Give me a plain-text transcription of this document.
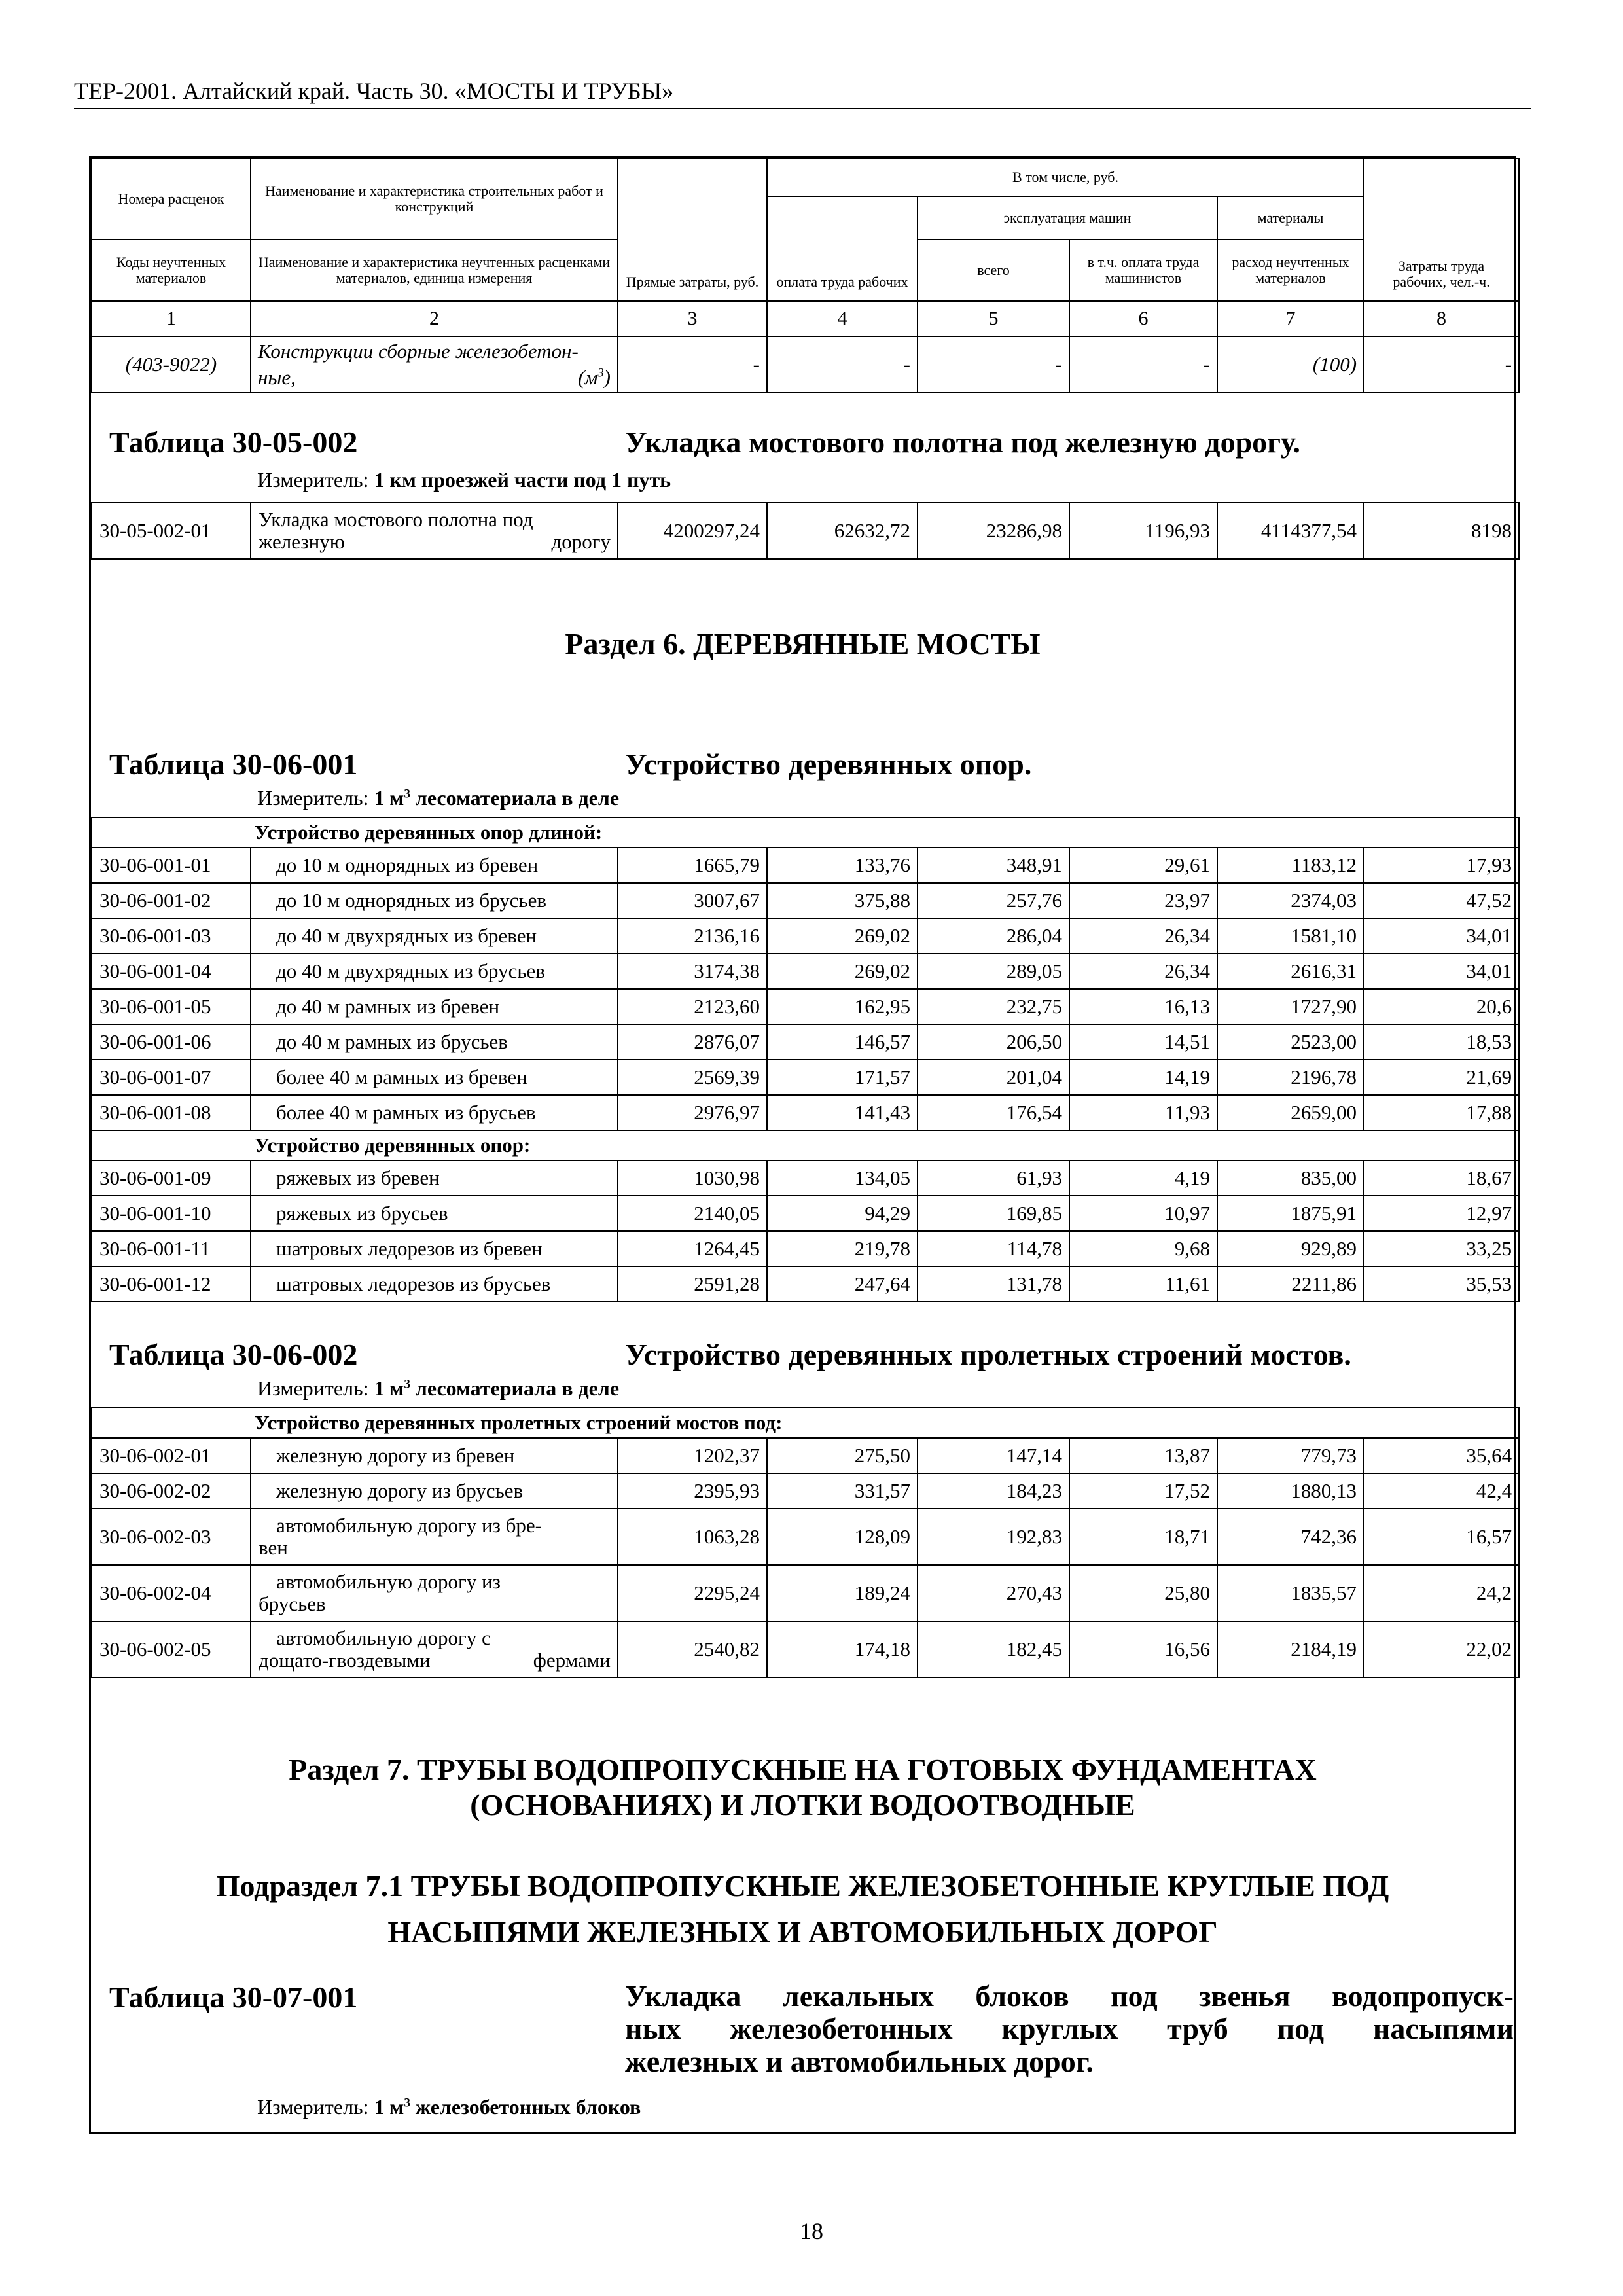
ТЕР-2001. Алтайский край. Часть 30. «МОСТЫ И ТРУБЫ»
Номера расценок	Наименование и характеристика строительных работ и конструкций	Прямые затраты, руб.	В том числе, руб.				Затраты труда рабочих, чел.-ч.
			оплата труда рабочих	эксплуатация машин		материалы	
Коды неучтенных материалов	Наименование и характеристика неучтенных расценками материалов, единица измерения			всего	в т.ч. оплата труда машинистов	расход неучтенных материалов	
1	2	3	4	5	6	7	8
(403-9022)	Конструкции сборные железобетон-
ные, $(м^3)$	-	-	-	-	(100)	-
Таблица 30-05-002	Укладка мостового полотна под железную дорогу.
Измеритель: 1 км проезжей части под 1 путь
30-05-002-01	Укладка мостового полотна под
железную дорогу	4200297,24	62632,72	23286,98	1196,93	4114377,54	8198
Раздел 6. ДЕРЕВЯННЫЕ МОСТЫ
Таблица 30-06-001	Устройство деревянных опор.
Измеритель: 1 $м^3$ лесоматериала в деле
Устройство деревянных опор длиной:							
30-06-001-01	до 10 м однорядных из бревен	1665,79	133,76	348,91	29,61	1183,12	17,93
30-06-001-02	до 10 м однорядных из брусьев	3007,67	375,88	257,76	23,97	2374,03	47,52
30-06-001-03	до 40 м двухрядных из бревен	2136,16	269,02	286,04	26,34	1581,10	34,01
30-06-001-04	до 40 м двухрядных из брусьев	3174,38	269,02	289,05	26,34	2616,31	34,01
30-06-001-05	до 40 м рамных из бревен	2123,60	162,95	232,75	16,13	1727,90	20,6
30-06-001-06	до 40 м рамных из брусьев	2876,07	146,57	206,50	14,51	2523,00	18,53
30-06-001-07	более 40 м рамных из бревен	2569,39	171,57	201,04	14,19	2196,78	21,69
30-06-001-08	более 40 м рамных из брусьев	2976,97	141,43	176,54	11,93	2659,00	17,88
Устройство деревянных опор:							
30-06-001-09	ряжевых из бревен	1030,98	134,05	61,93	4,19	835,00	18,67
30-06-001-10	ряжевых из брусьев	2140,05	94,29	169,85	10,97	1875,91	12,97
30-06-001-11	шатровых ледорезов из бревен	1264,45	219,78	114,78	9,68	929,89	33,25
30-06-001-12	шатровых ледорезов из брусьев	2591,28	247,64	131,78	11,61	2211,86	35,53
Таблица 30-06-002	Устройство деревянных пролетных строений мостов.
Измеритель: 1 $м^3$ лесоматериала в деле
Устройство деревянных пролетных строений мостов под:							
30-06-002-01	железную дорогу из бревен	1202,37	275,50	147,14	13,87	779,73	35,64
30-06-002-02	железную дорогу из брусьев	2395,93	331,57	184,23	17,52	1880,13	42,4
30-06-002-03	автомобильную дорогу из бре-
вен	1063,28	128,09	192,83	18,71	742,36	16,57
30-06-002-04	автомобильную дорогу из
брусьев	2295,24	189,24	270,43	25,80	1835,57	24,2
30-06-002-05	автомобильную дорогу с
дощато-гвоздевыми фермами	2540,82	174,18	182,45	16,56	2184,19	22,02
Раздел 7. ТРУБЫ ВОДОПРОПУСКНЫЕ НА ГОТОВЫХ ФУНДАМЕНТАХ
(ОСНОВАНИЯХ) И ЛОТКИ ВОДООТВОДНЫЕ
Подраздел 7.1 ТРУБЫ ВОДОПРОПУСКНЫЕ ЖЕЛЕЗОБЕТОННЫЕ КРУГЛЫЕ ПОД
НАСЫПЯМИ ЖЕЛЕЗНЫХ И АВТОМОБИЛЬНЫХ ДОРОГ
Таблица 30-07-001	Укладка лекальных блоков под звенья водопропуск-
ных железобетонных круглых труб под насыпями
железных и автомобильных дорог.
Измеритель: 1 $м^3$ железобетонных блоков
18
